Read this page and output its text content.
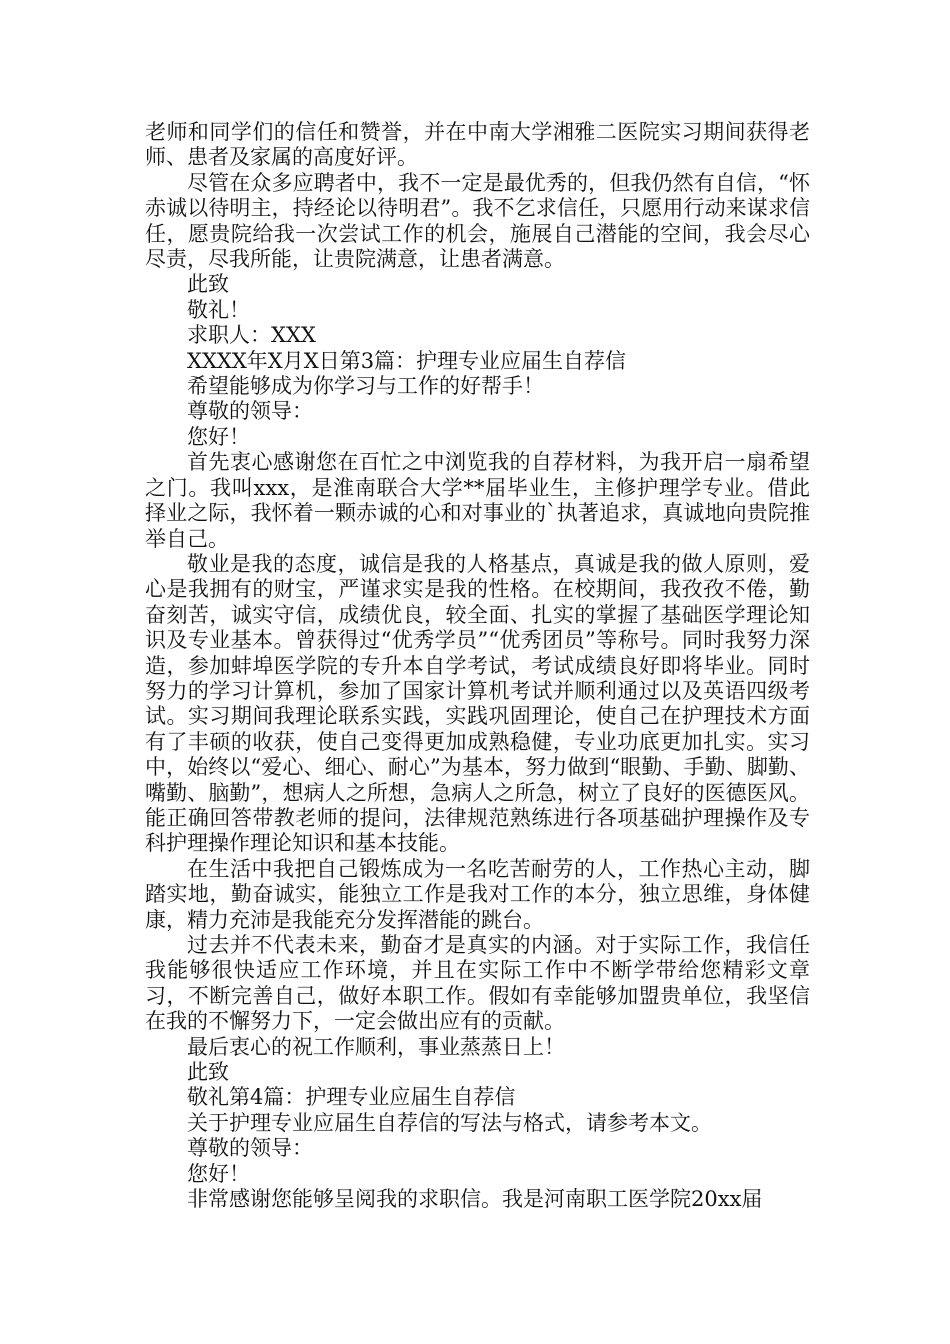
老师和同学们的信任和赞誉，并在中南大学湘雅二医院实习期间获得老师、患者及家属的高度好评。

尽管在众多应聘者中，我不一定是最优秀的，但我仍然有自信，“怀赤诚以待明主，持经论以待明君”。我不乞求信任，只愿用行动来谋求信任，愿贵院给我一次尝试工作的机会，施展自己潜能的空间，我会尽心尽责，尽我所能，让贵院满意，让患者满意。

此致

敬礼！

求职人：XXX

XXXX年X月X日第3篇：护理专业应届生自荐信

希望能够成为你学习与工作的好帮手！

尊敬的领导：

您好！

首先衷心感谢您在百忙之中浏览我的自荐材料，为我开启一扇希望之门。我叫xxx，是淮南联合大学**届毕业生，主修护理学专业。借此择业之际，我怀着一颗赤诚的心和对事业的`执著追求，真诚地向贵院推举自己。

敬业是我的态度，诚信是我的人格基点，真诚是我的做人原则，爱心是我拥有的财宝，严谨求实是我的性格。在校期间，我孜孜不倦，勤奋刻苦，诚实守信，成绩优良，较全面、扎实的掌握了基础医学理论知识及专业基本。曾获得过“优秀学员”“优秀团员”等称号。同时我努力深造，参加蚌埠医学院的专升本自学考试，考试成绩良好即将毕业。同时努力的学习计算机，参加了国家计算机考试并顺利通过以及英语四级考试。实习期间我理论联系实践，实践巩固理论，使自己在护理技术方面有了丰硕的收获，使自己变得更加成熟稳健，专业功底更加扎实。实习中，始终以“爱心、细心、耐心”为基本，努力做到“眼勤、手勤、脚勤、嘴勤、脑勤”，想病人之所想，急病人之所急，树立了良好的医德医风。能正确回答带教老师的提问，法律规范熟练进行各项基础护理操作及专科护理操作理论知识和基本技能。

在生活中我把自己锻炼成为一名吃苦耐劳的人，工作热心主动，脚踏实地，勤奋诚实，能独立工作是我对工作的本分，独立思维，身体健康，精力充沛是我能充分发挥潜能的跳台。

过去并不代表未来，勤奋才是真实的内涵。对于实际工作，我信任我能够很快适应工作环境，并且在实际工作中不断学带给您精彩文章习，不断完善自己，做好本职工作。假如有幸能够加盟贵单位，我坚信在我的不懈努力下，一定会做出应有的贡献。

最后衷心的祝工作顺利，事业蒸蒸日上！

此致

敬礼第4篇：护理专业应届生自荐信

关于护理专业应届生自荐信的写法与格式，请参考本文。

尊敬的领导：

您好！

非常感谢您能够呈阅我的求职信。我是河南职工医学院20xx届
